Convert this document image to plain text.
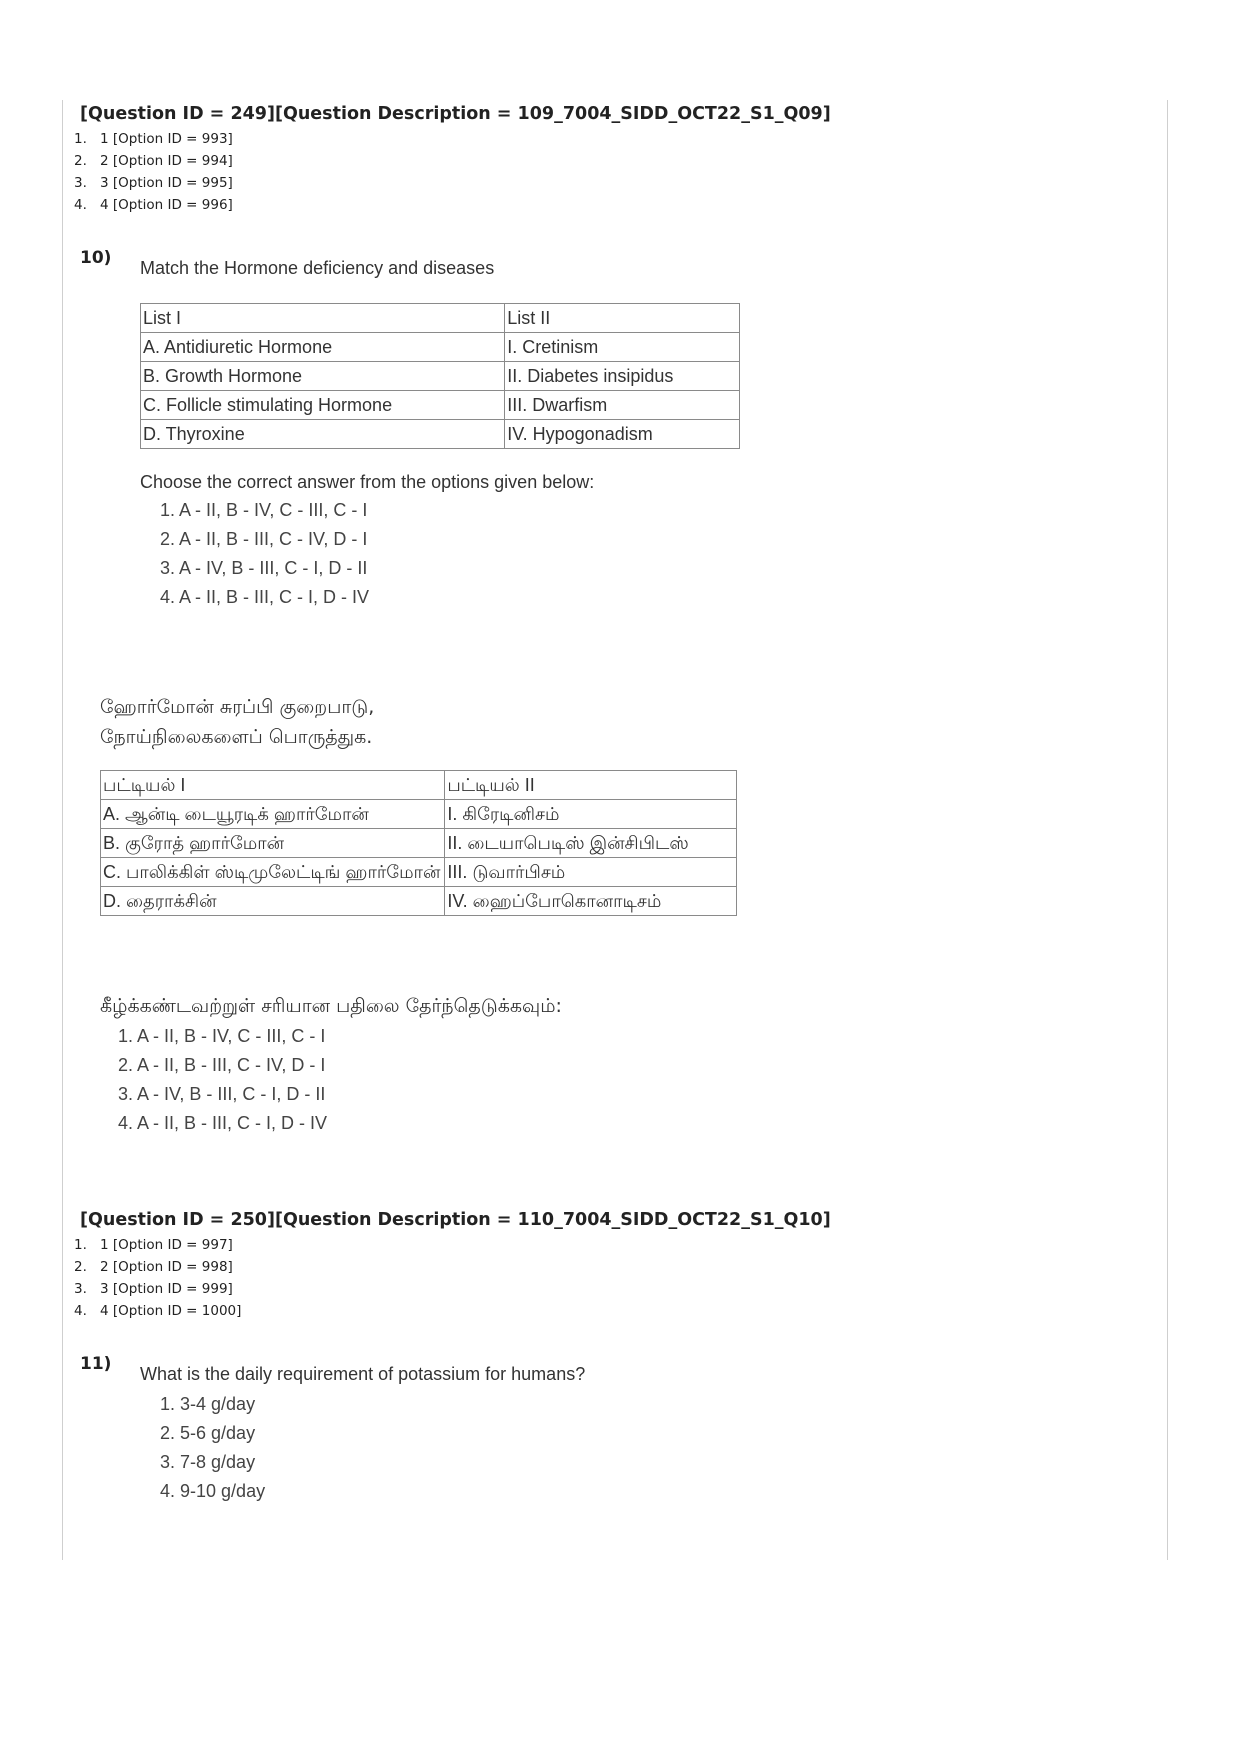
[Question ID = 249][Question Description = 109_7004_SIDD_OCT22_S1_Q09]
1. 1 [Option ID = 993]
2. 2 [Option ID = 994]
3. 3 [Option ID = 995]
4. 4 [Option ID = 996]
10) Match the Hormone deficiency and diseases
List I	List II
A. Antidiuretic Hormone	I. Cretinism
B. Growth Hormone	II. Diabetes insipidus
C. Follicle stimulating Hormone	III. Dwarfism
D. Thyroxine	IV. Hypogonadism
Choose the correct answer from the options given below:
1. A - II, B - IV, C - III, C - I
2. A - II, B - III, C - IV, D - I
3. A - IV, B - III, C - I, D - II
4. A - II, B - III, C - I, D - IV
ஹோர்மோன் சுரப்பி குறைபாடு,
நோய்நிலைகளைப் பொருத்துக.
பட்டியல் I	பட்டியல் II
A. ஆன்டி டையூரடிக் ஹார்மோன்	I. கிரேடினிசம்
B. குரோத் ஹார்மோன்	II. டையாபெடிஸ் இன்சிபிடஸ்
C. பாலிக்கிள் ஸ்டிமுலேட்டிங் ஹார்மோன்	III. டுவார்பிசம்
D. தைராக்சின்	IV. ஹைப்போகொனாடிசம்
கீழ்க்கண்டவற்றுள் சரியான பதிலை தேர்ந்தெடுக்கவும்:
1. A - II, B - IV, C - III, C - I
2. A - II, B - III, C - IV, D - I
3. A - IV, B - III, C - I, D - II
4. A - II, B - III, C - I, D - IV
[Question ID = 250][Question Description = 110_7004_SIDD_OCT22_S1_Q10]
1. 1 [Option ID = 997]
2. 2 [Option ID = 998]
3. 3 [Option ID = 999]
4. 4 [Option ID = 1000]
11) What is the daily requirement of potassium for humans?
1. 3-4 g/day
2. 5-6 g/day
3. 7-8 g/day
4. 9-10 g/day
